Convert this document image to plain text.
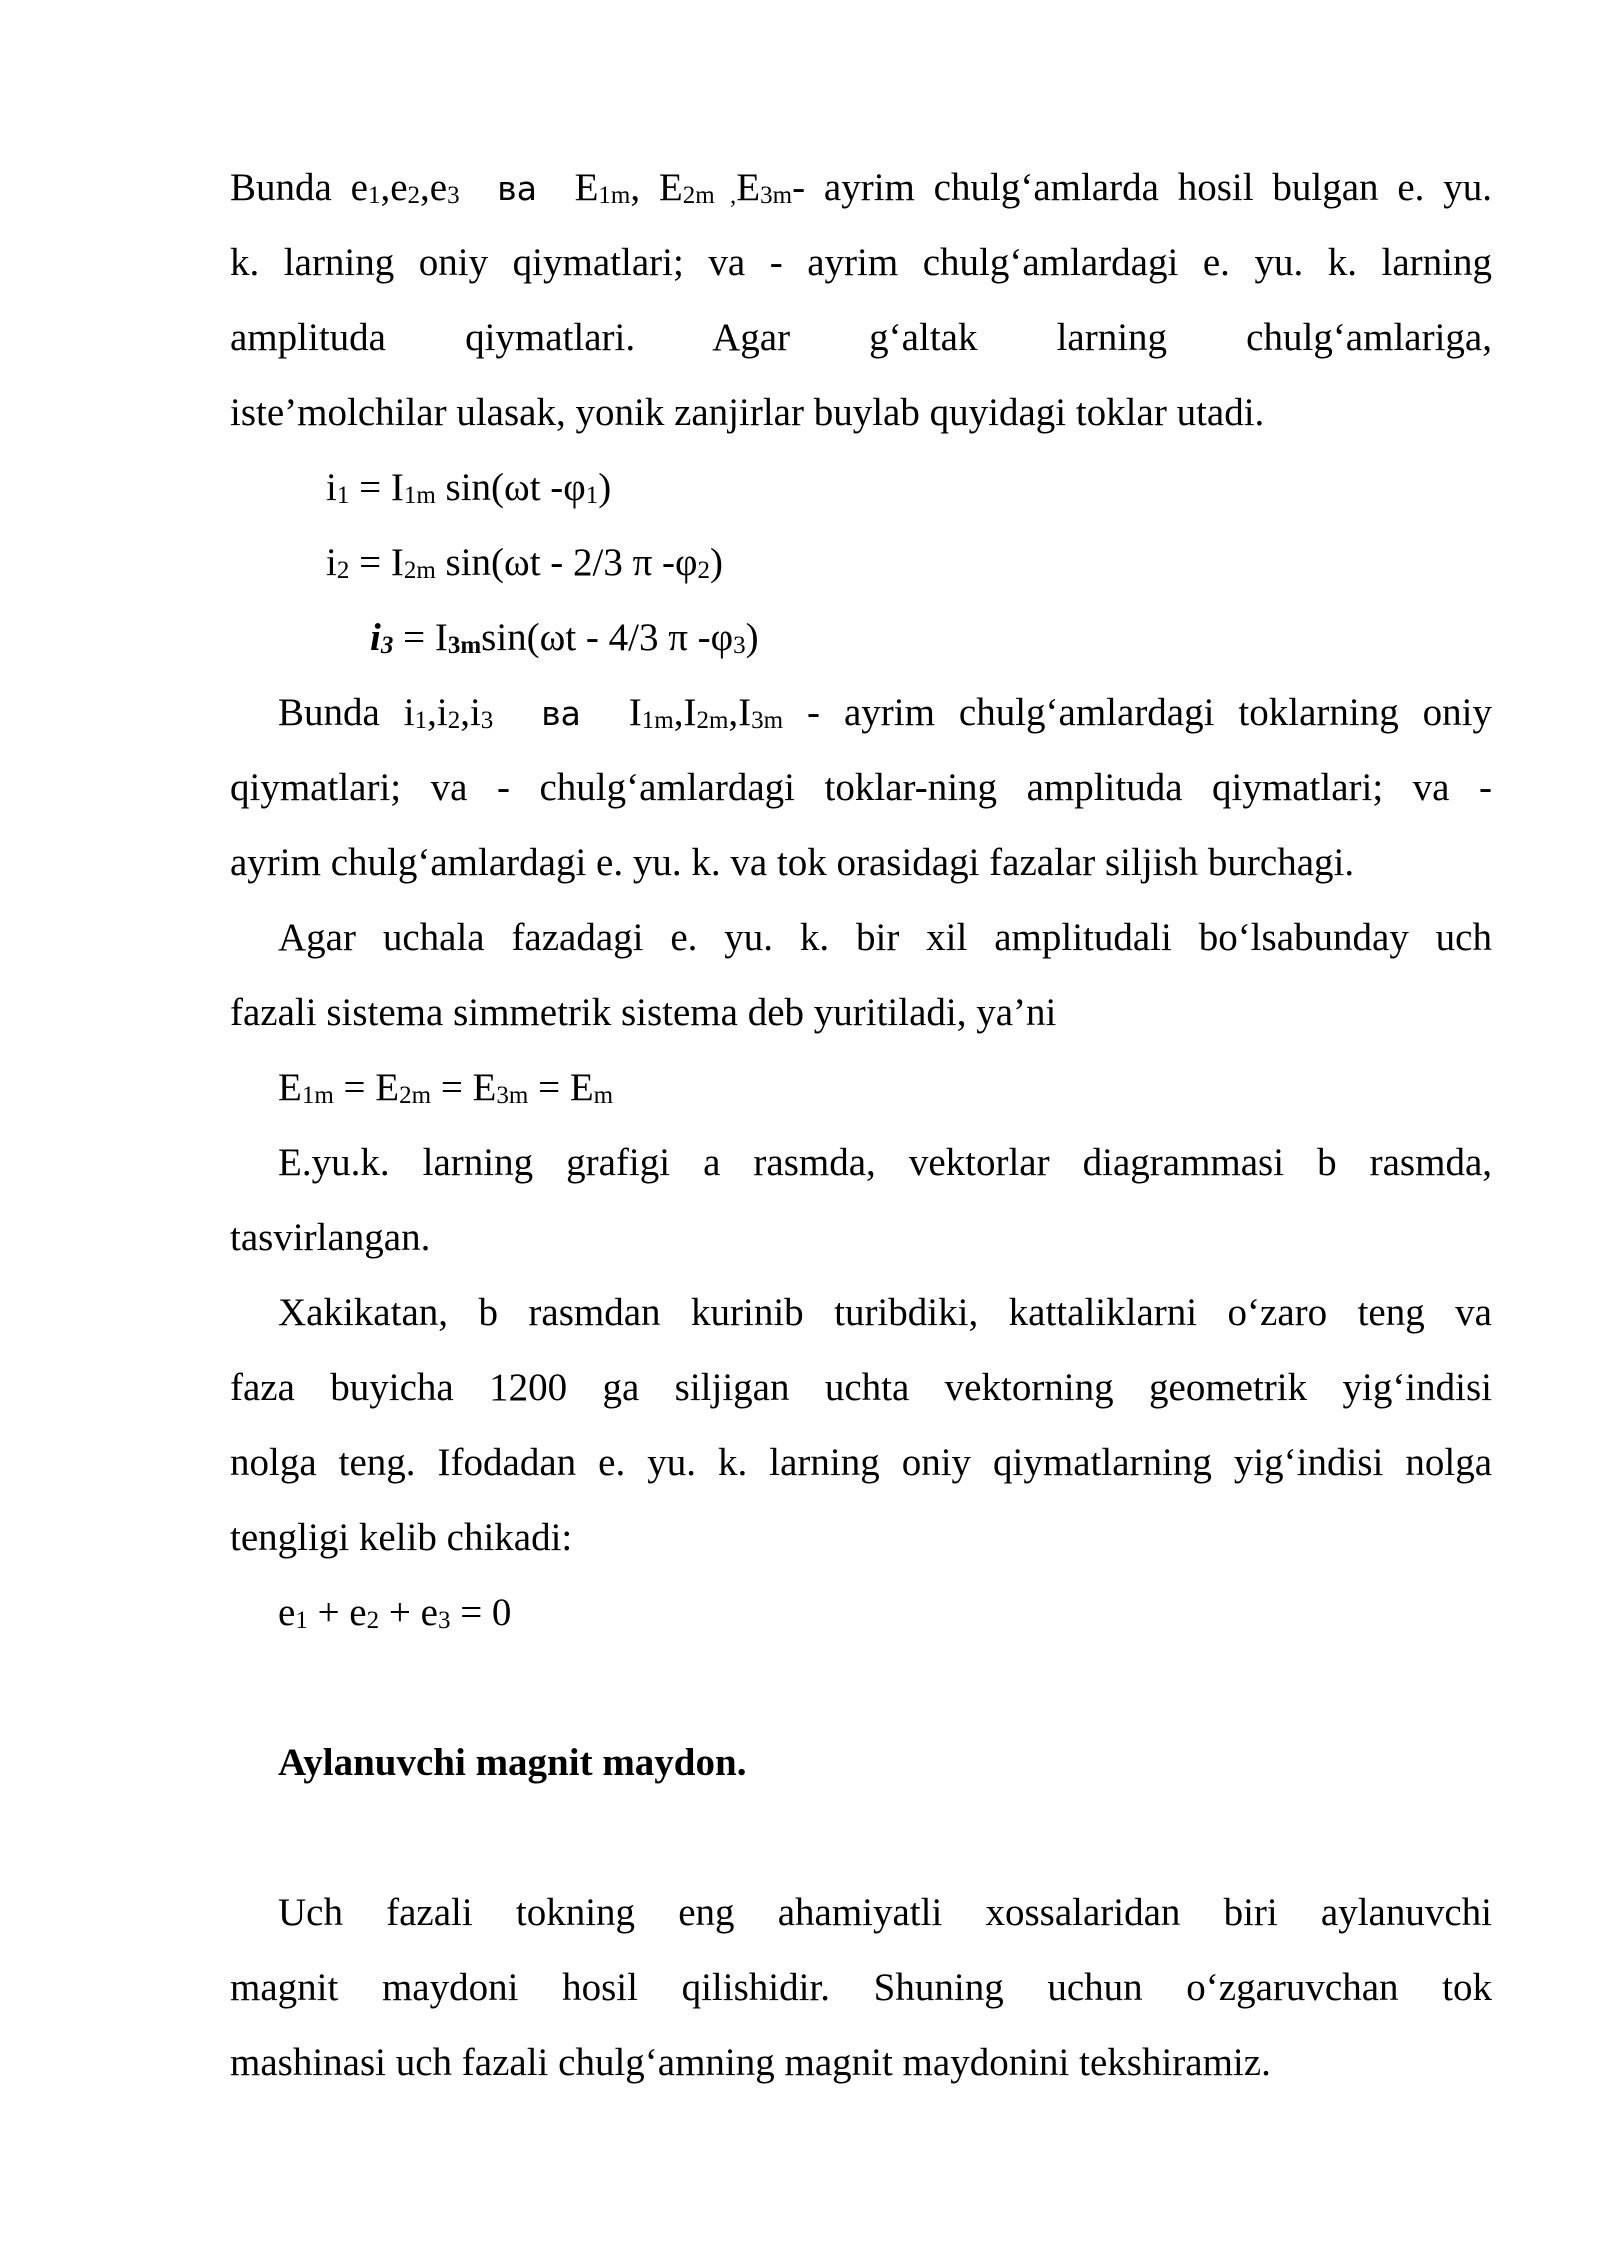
Bunda $e_1,e_2,e_3$ ва $E_{1m}$, $E_{2m ,}E_{3m}-$ ayrim chulg‘amlarda hosil bulgan e. yu.
k. larning oniy qiymatlari; va - ayrim chulg‘amlardagi e. yu. k. larning
amplituda qiymatlari. Agar g‘altak larning chulg‘amlariga,
iste’molchilar ulasak, yonik zanjirlar buylab quyidagi toklar utadi.
$i_1 = I_{1m}$ sin(ωt $-\varphi_1$)
$i_2 = I_{2m}$ sin(ωt - 2/3 π $-\varphi_2$)
$i_3 = I_{3m}\sin(\omega t - 4/3$ π $-\varphi_3$)
Bunda $i_1,i_2,i_3$ ва $I_{1m},I_{2m},I_{3m}$ - ayrim chulg‘amlardagi toklarning oniy
qiymatlari; va - chulg‘amlardagi toklar-ning amplituda qiymatlari; va -
ayrim chulg‘amlardagi e. yu. k. va tok orasidagi fazalar siljish burchagi.
Agar uchala fazadagi e. yu. k. bir xil amplitudali bo‘lsabunday uch
fazali sistema simmetrik sistema deb yuritiladi, ya’ni
$E_{1m} = E_{2m} = E_{3m} = E_m$
E.yu.k. larning grafigi a rasmda, vektorlar diagrammasi b rasmda,
tasvirlangan.
Xakikatan, b rasmdan kurinib turibdiki, kattaliklarni o‘zaro teng va
faza buyicha 1200 ga siljigan uchta vektorning geometrik yig‘indisi
nolga teng. Ifodadan e. yu. k. larning oniy qiymatlarning yig‘indisi nolga
tengligi kelib chikadi:
$e_1 + e_2 + e_3 = 0$
Aylanuvchi magnit maydon.
Uch fazali tokning eng ahamiyatli xossalaridan biri aylanuvchi
magnit maydoni hosil qilishidir. Shuning uchun o‘zgaruvchan tok
mashinasi uch fazali chulg‘amning magnit maydonini tekshiramiz.
